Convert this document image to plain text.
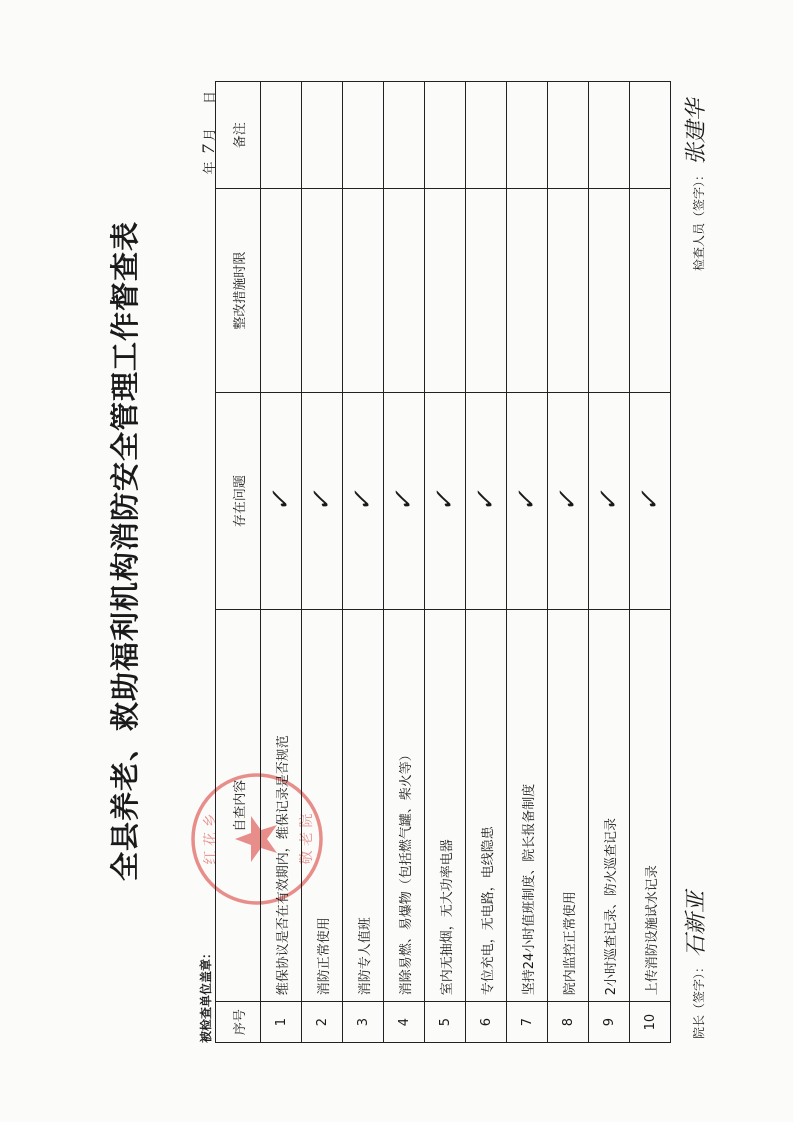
全县养老、救助福利机构消防安全管理工作督查表
被检查单位盖章：
年 7月 日
红 花 乡	敬 老 院
序号	自查内容	存在问题	整改措施时限	备注
1	维保协议是否在有效期内，维保记录是否规范	✓		
2	消防正常使用	✓		
3	消防专人值班	✓		
4	消除易燃、易爆物（包括燃气罐、柴火等）	✓		
5	室内无抽烟，无大功率电器	✓		
6	专位充电，无电路，电线隐患	✓		
7	坚持24小时值班制度、院长报备制度	✓		
8	院内监控正常使用	✓		
9	2小时巡查记录、防火巡查记录	✓		
10	上传消防设施试水记录	✓		
院长（签字）：石新亚
检查人员（签字）：张建华
